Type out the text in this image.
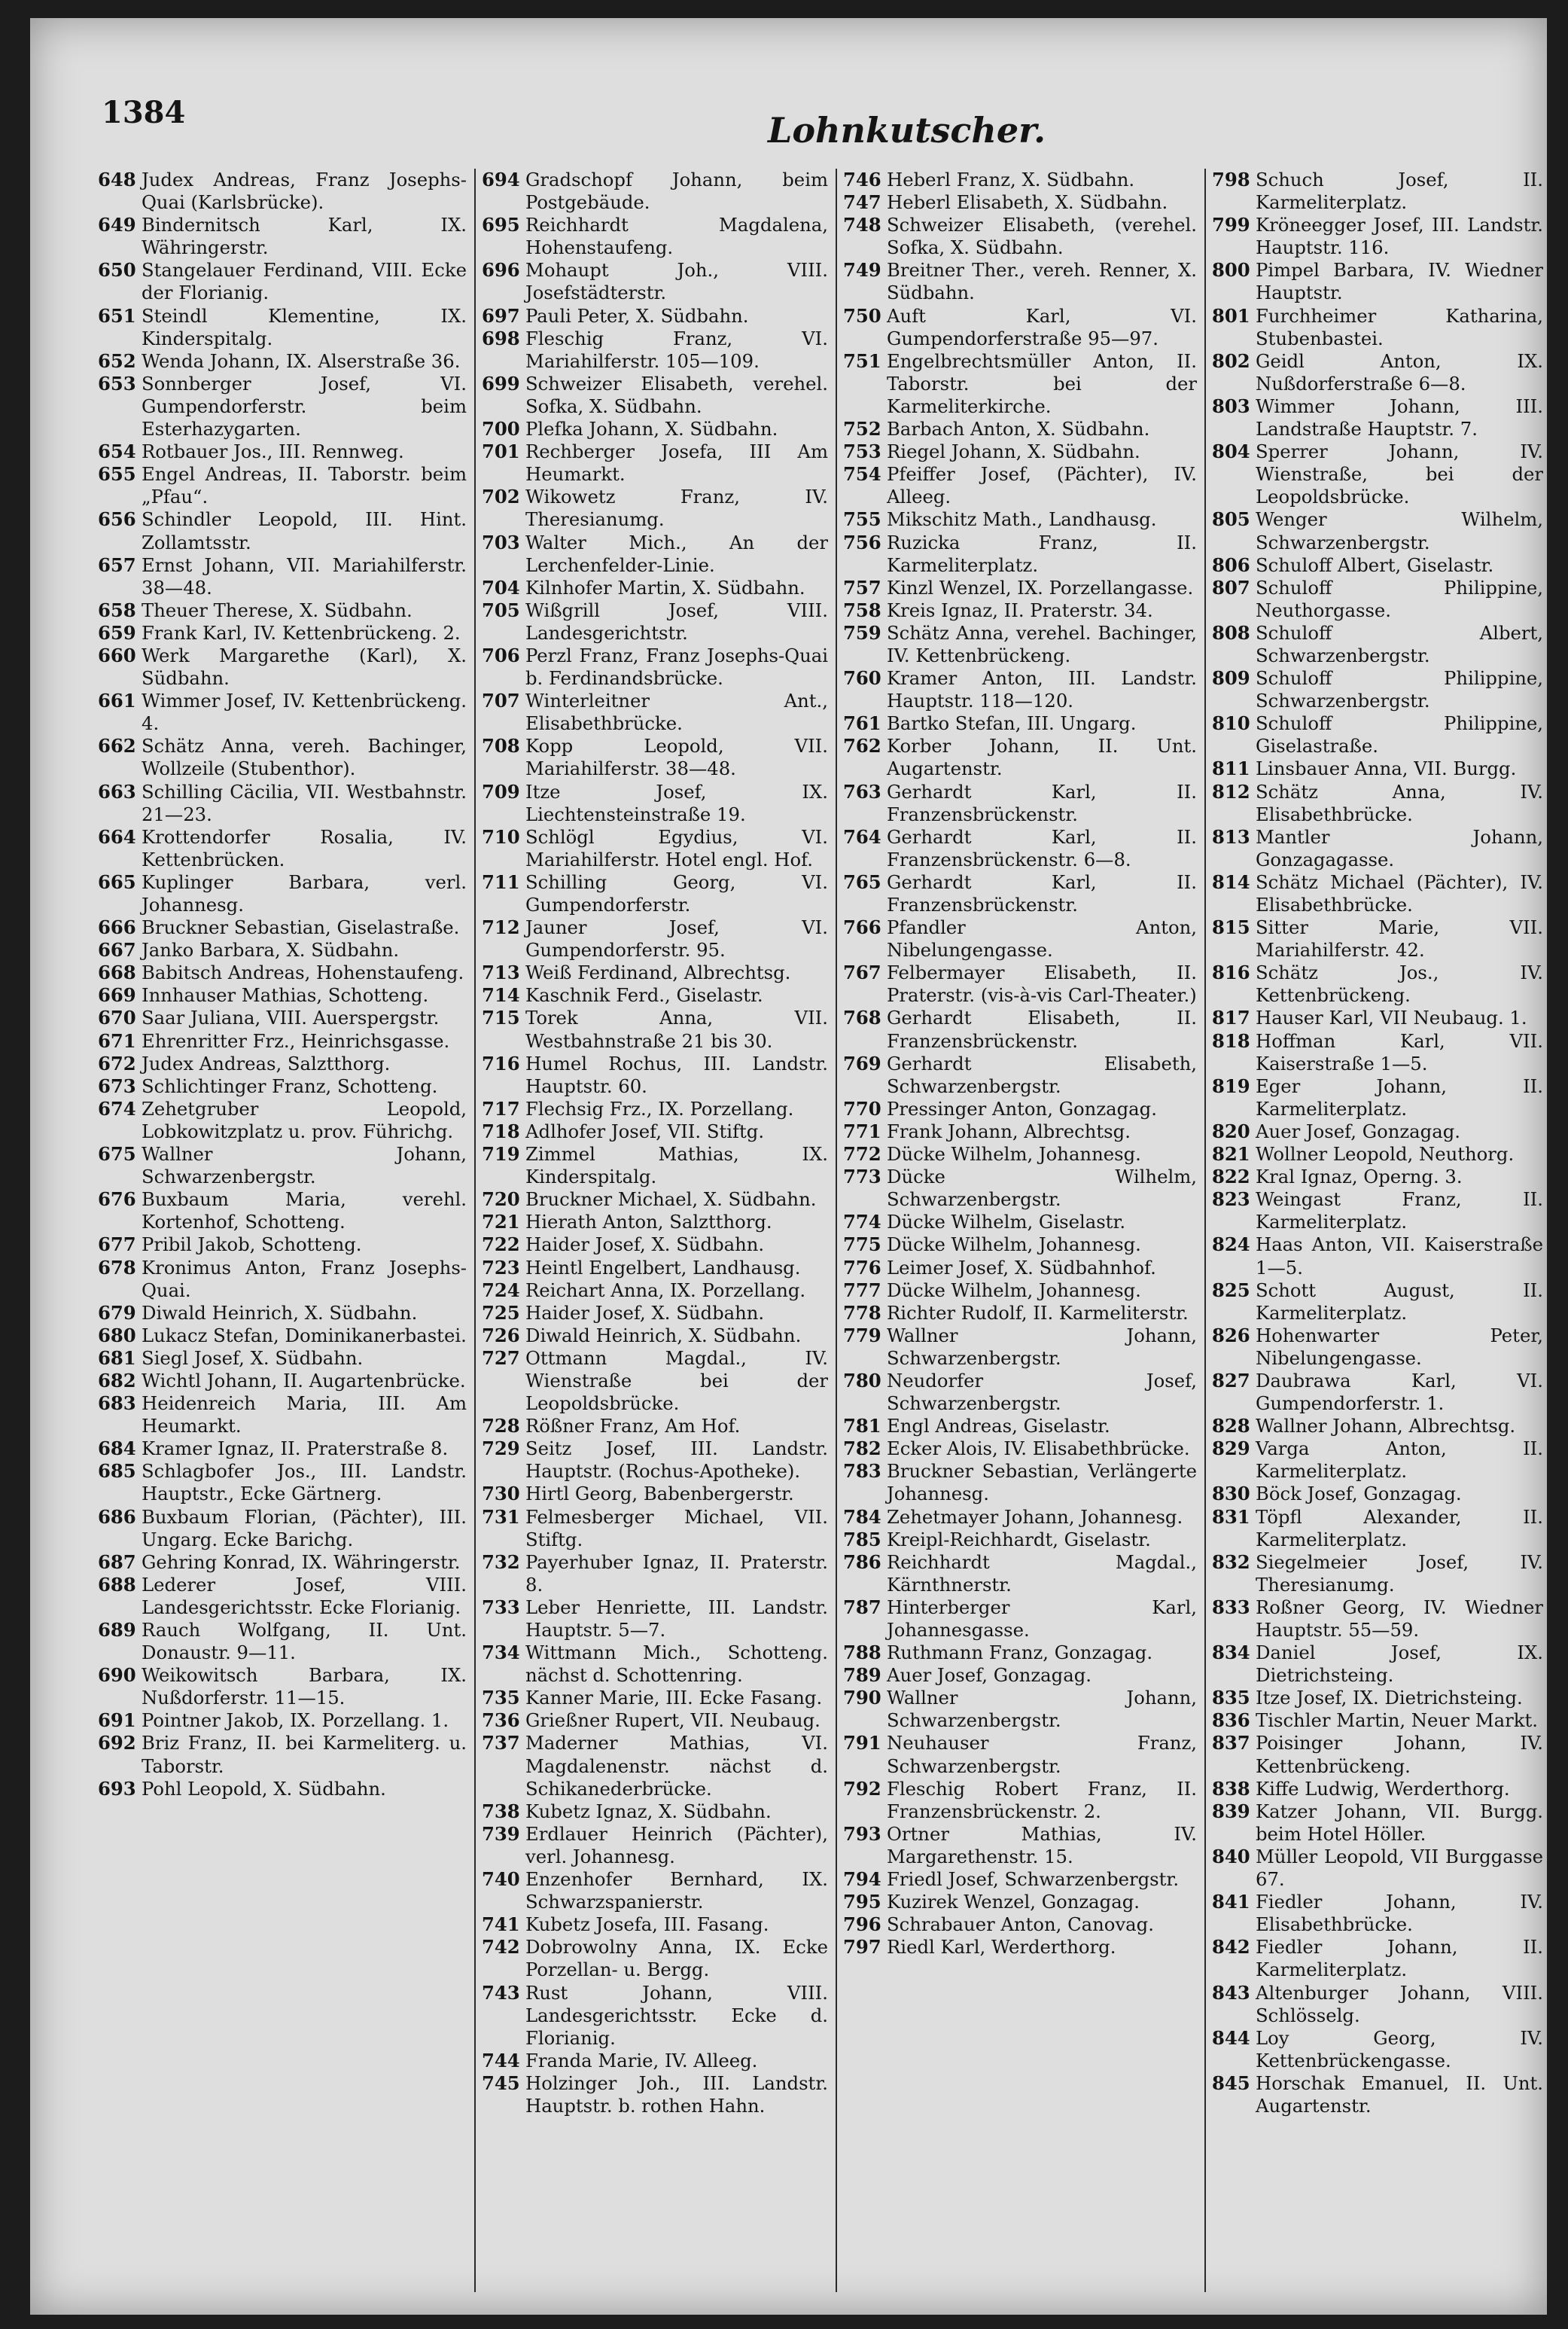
1384	Lohnkutscher.
648 Judex Andreas, Franz Josephs-Quai (Karlsbrücke).
649 Bindernitsch Karl, IX. Währingerstr.
650 Stangelauer Ferdinand, VIII. Ecke der Florianig.
651 Steindl Klementine, IX. Kinderspitalg.
652 Wenda Johann, IX. Alserstraße 36.
653 Sonnberger Josef, VI. Gumpendorferstr. beim Esterhazygarten.
654 Rotbauer Jos., III. Rennweg.
655 Engel Andreas, II. Taborstr. beim „Pfau“.
656 Schindler Leopold, III. Hint. Zollamtsstr.
657 Ernst Johann, VII. Mariahilferstr. 38—48.
658 Theuer Therese, X. Südbahn.
659 Frank Karl, IV. Kettenbrückeng. 2.
660 Werk Margarethe (Karl), X. Südbahn.
661 Wimmer Josef, IV. Kettenbrückeng. 4.
662 Schätz Anna, vereh. Bachinger, Wollzeile (Stubenthor).
663 Schilling Cäcilia, VII. Westbahnstr. 21—23.
664 Krottendorfer Rosalia, IV. Kettenbrücken.
665 Kuplinger Barbara, verl. Johannesg.
666 Bruckner Sebastian, Giselastraße.
667 Janko Barbara, X. Südbahn.
668 Babitsch Andreas, Hohenstaufeng.
669 Innhauser Mathias, Schotteng.
670 Saar Juliana, VIII. Auerspergstr.
671 Ehrenritter Frz., Heinrichsgasse.
672 Judex Andreas, Salztthorg.
673 Schlichtinger Franz, Schotteng.
674 Zehetgruber Leopold, Lobkowitzplatz u. prov. Führichg.
675 Wallner Johann, Schwarzenbergstr.
676 Buxbaum Maria, verehl. Kortenhof, Schotteng.
677 Pribil Jakob, Schotteng.
678 Kronimus Anton, Franz Josephs-Quai.
679 Diwald Heinrich, X. Südbahn.
680 Lukacz Stefan, Dominikanerbastei.
681 Siegl Josef, X. Südbahn.
682 Wichtl Johann, II. Augartenbrücke.
683 Heidenreich Maria, III. Am Heumarkt.
684 Kramer Ignaz, II. Praterstraße 8.
685 Schlagbofer Jos., III. Landstr. Hauptstr., Ecke Gärtnerg.
686 Buxbaum Florian, (Pächter), III. Ungarg. Ecke Barichg.
687 Gehring Konrad, IX. Währingerstr.
688 Lederer Josef, VIII. Landesgerichtsstr. Ecke Florianig.
689 Rauch Wolfgang, II. Unt. Donaustr. 9—11.
690 Weikowitsch Barbara, IX. Nußdorferstr. 11—15.
691 Pointner Jakob, IX. Porzellang. 1.
692 Briz Franz, II. bei Karmeliterg. u. Taborstr.
693 Pohl Leopold, X. Südbahn.
694 Gradschopf Johann, beim Postgebäude.
695 Reichhardt Magdalena, Hohenstaufeng.
696 Mohaupt Joh., VIII. Josefstädterstr.
697 Pauli Peter, X. Südbahn.
698 Fleschig Franz, VI. Mariahilferstr. 105—109.
699 Schweizer Elisabeth, verehel. Sofka, X. Südbahn.
700 Plefka Johann, X. Südbahn.
701 Rechberger Josefa, III Am Heumarkt.
702 Wikowetz Franz, IV. Theresianumg.
703 Walter Mich., An der Lerchenfelder-Linie.
704 Kilnhofer Martin, X. Südbahn.
705 Wißgrill Josef, VIII. Landesgerichtstr.
706 Perzl Franz, Franz Josephs-Quai b. Ferdinandsbrücke.
707 Winterleitner Ant., Elisabethbrücke.
708 Kopp Leopold, VII. Mariahilferstr. 38—48.
709 Itze Josef, IX. Liechtensteinstraße 19.
710 Schlögl Egydius, VI. Mariahilferstr. Hotel engl. Hof.
711 Schilling Georg, VI. Gumpendorferstr.
712 Jauner Josef, VI. Gumpendorferstr. 95.
713 Weiß Ferdinand, Albrechtsg.
714 Kaschnik Ferd., Giselastr.
715 Torek Anna, VII. Westbahnstraße 21 bis 30.
716 Humel Rochus, III. Landstr. Hauptstr. 60.
717 Flechsig Frz., IX. Porzellang.
718 Adlhofer Josef, VII. Stiftg.
719 Zimmel Mathias, IX. Kinderspitalg.
720 Bruckner Michael, X. Südbahn.
721 Hierath Anton, Salztthorg.
722 Haider Josef, X. Südbahn.
723 Heintl Engelbert, Landhausg.
724 Reichart Anna, IX. Porzellang.
725 Haider Josef, X. Südbahn.
726 Diwald Heinrich, X. Südbahn.
727 Ottmann Magdal., IV. Wienstraße bei der Leopoldsbrücke.
728 Rößner Franz, Am Hof.
729 Seitz Josef, III. Landstr. Hauptstr. (Rochus-Apotheke).
730 Hirtl Georg, Babenbergerstr.
731 Felmesberger Michael, VII. Stiftg.
732 Payerhuber Ignaz, II. Praterstr. 8.
733 Leber Henriette, III. Landstr. Hauptstr. 5—7.
734 Wittmann Mich., Schotteng. nächst d. Schottenring.
735 Kanner Marie, III. Ecke Fasang.
736 Grießner Rupert, VII. Neubaug.
737 Maderner Mathias, VI. Magdalenenstr. nächst d. Schikanederbrücke.
738 Kubetz Ignaz, X. Südbahn.
739 Erdlauer Heinrich (Pächter), verl. Johannesg.
740 Enzenhofer Bernhard, IX. Schwarzspanierstr.
741 Kubetz Josefa, III. Fasang.
742 Dobrowolny Anna, IX. Ecke Porzellan- u. Bergg.
743 Rust Johann, VIII. Landesgerichtsstr. Ecke d. Florianig.
744 Franda Marie, IV. Alleeg.
745 Holzinger Joh., III. Landstr. Hauptstr. b. rothen Hahn.
746 Heberl Franz, X. Südbahn.
747 Heberl Elisabeth, X. Südbahn.
748 Schweizer Elisabeth, (verehel. Sofka, X. Südbahn.
749 Breitner Ther., vereh. Renner, X. Südbahn.
750 Auft Karl, VI. Gumpendorferstraße 95—97.
751 Engelbrechtsmüller Anton, II. Taborstr. bei der Karmeliterkirche.
752 Barbach Anton, X. Südbahn.
753 Riegel Johann, X. Südbahn.
754 Pfeiffer Josef, (Pächter), IV. Alleeg.
755 Mikschitz Math., Landhausg.
756 Ruzicka Franz, II. Karmeliterplatz.
757 Kinzl Wenzel, IX. Porzellangasse.
758 Kreis Ignaz, II. Praterstr. 34.
759 Schätz Anna, verehel. Bachinger, IV. Kettenbrückeng.
760 Kramer Anton, III. Landstr. Hauptstr. 118—120.
761 Bartko Stefan, III. Ungarg.
762 Korber Johann, II. Unt. Augartenstr.
763 Gerhardt Karl, II. Franzensbrückenstr.
764 Gerhardt Karl, II. Franzensbrückenstr. 6—8.
765 Gerhardt Karl, II. Franzensbrückenstr.
766 Pfandler Anton, Nibelungengasse.
767 Felbermayer Elisabeth, II. Praterstr. (vis-à-vis Carl-Theater.)
768 Gerhardt Elisabeth, II. Franzensbrückenstr.
769 Gerhardt Elisabeth, Schwarzenbergstr.
770 Pressinger Anton, Gonzagag.
771 Frank Johann, Albrechtsg.
772 Dücke Wilhelm, Johannesg.
773 Dücke Wilhelm, Schwarzenbergstr.
774 Dücke Wilhelm, Giselastr.
775 Dücke Wilhelm, Johannesg.
776 Leimer Josef, X. Südbahnhof.
777 Dücke Wilhelm, Johannesg.
778 Richter Rudolf, II. Karmeliterstr.
779 Wallner Johann, Schwarzenbergstr.
780 Neudorfer Josef, Schwarzenbergstr.
781 Engl Andreas, Giselastr.
782 Ecker Alois, IV. Elisabethbrücke.
783 Bruckner Sebastian, Verlängerte Johannesg.
784 Zehetmayer Johann, Johannesg.
785 Kreipl-Reichhardt, Giselastr.
786 Reichhardt Magdal., Kärnthnerstr.
787 Hinterberger Karl, Johannesgasse.
788 Ruthmann Franz, Gonzagag.
789 Auer Josef, Gonzagag.
790 Wallner Johann, Schwarzenbergstr.
791 Neuhauser Franz, Schwarzenbergstr.
792 Fleschig Robert Franz, II. Franzensbrückenstr. 2.
793 Ortner Mathias, IV. Margarethenstr. 15.
794 Friedl Josef, Schwarzenbergstr.
795 Kuzirek Wenzel, Gonzagag.
796 Schrabauer Anton, Canovag.
797 Riedl Karl, Werderthorg.
798 Schuch Josef, II. Karmeliterplatz.
799 Kröneegger Josef, III. Landstr. Hauptstr. 116.
800 Pimpel Barbara, IV. Wiedner Hauptstr.
801 Furchheimer Katharina, Stubenbastei.
802 Geidl Anton, IX. Nußdorferstraße 6—8.
803 Wimmer Johann, III. Landstraße Hauptstr. 7.
804 Sperrer Johann, IV. Wienstraße, bei der Leopoldsbrücke.
805 Wenger Wilhelm, Schwarzenbergstr.
806 Schuloff Albert, Giselastr.
807 Schuloff Philippine, Neuthorgasse.
808 Schuloff Albert, Schwarzenbergstr.
809 Schuloff Philippine, Schwarzenbergstr.
810 Schuloff Philippine, Giselastraße.
811 Linsbauer Anna, VII. Burgg.
812 Schätz Anna, IV. Elisabethbrücke.
813 Mantler Johann, Gonzagagasse.
814 Schätz Michael (Pächter), IV. Elisabethbrücke.
815 Sitter Marie, VII. Mariahilferstr. 42.
816 Schätz Jos., IV. Kettenbrückeng.
817 Hauser Karl, VII Neubaug. 1.
818 Hoffman Karl, VII. Kaiserstraße 1—5.
819 Eger Johann, II. Karmeliterplatz.
820 Auer Josef, Gonzagag.
821 Wollner Leopold, Neuthorg.
822 Kral Ignaz, Operng. 3.
823 Weingast Franz, II. Karmeliterplatz.
824 Haas Anton, VII. Kaiserstraße 1—5.
825 Schott August, II. Karmeliterplatz.
826 Hohenwarter Peter, Nibelungengasse.
827 Daubrawa Karl, VI. Gumpendorferstr. 1.
828 Wallner Johann, Albrechtsg.
829 Varga Anton, II. Karmeliterplatz.
830 Böck Josef, Gonzagag.
831 Töpfl Alexander, II. Karmeliterplatz.
832 Siegelmeier Josef, IV. Theresianumg.
833 Roßner Georg, IV. Wiedner Hauptstr. 55—59.
834 Daniel Josef, IX. Dietrichsteing.
835 Itze Josef, IX. Dietrichsteing.
836 Tischler Martin, Neuer Markt.
837 Poisinger Johann, IV. Kettenbrückeng.
838 Kiffe Ludwig, Werderthorg.
839 Katzer Johann, VII. Burgg. beim Hotel Höller.
840 Müller Leopold, VII Burggasse 67.
841 Fiedler Johann, IV. Elisabethbrücke.
842 Fiedler Johann, II. Karmeliterplatz.
843 Altenburger Johann, VIII. Schlösselg.
844 Loy Georg, IV. Kettenbrückengasse.
845 Horschak Emanuel, II. Unt. Augartenstr.
